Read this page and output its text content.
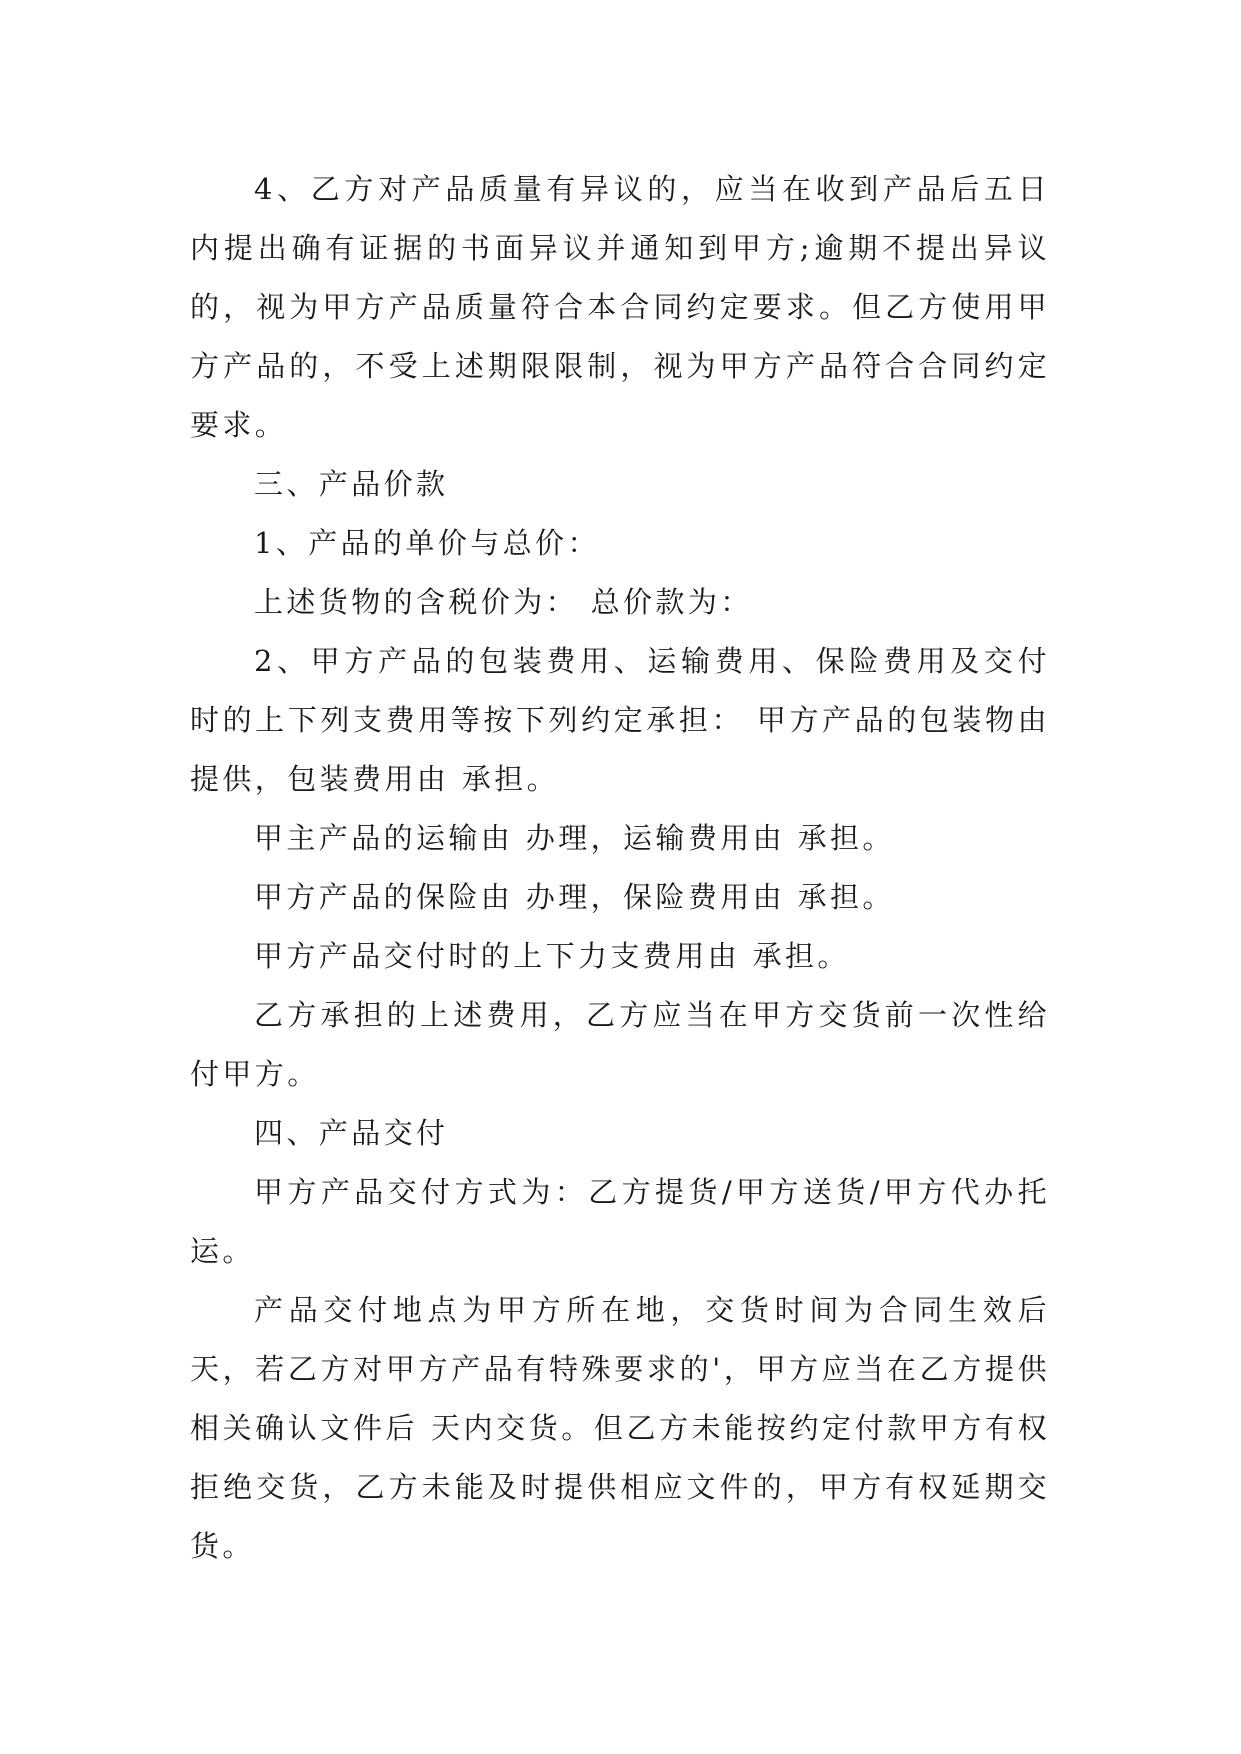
4、乙方对产品质量有异议的，应当在收到产品后五日内提出确有证据的书面异议并通知到甲方;逾期不提出异议的，视为甲方产品质量符合本合同约定要求。但乙方使用甲方产品的，不受上述期限限制，视为甲方产品符合合同约定要求。

三、产品价款

1、产品的单价与总价：

上述货物的含税价为： 总价款为：

2、甲方产品的包装费用、运输费用、保险费用及交付时的上下列支费用等按下列约定承担： 甲方产品的包装物由 提供，包装费用由 承担。

甲主产品的运输由 办理，运输费用由 承担。

甲方产品的保险由 办理，保险费用由 承担。

甲方产品交付时的上下力支费用由 承担。

乙方承担的上述费用，乙方应当在甲方交货前一次性给付甲方。

四、产品交付

甲方产品交付方式为：乙方提货/甲方送货/甲方代办托运。

产品交付地点为甲方所在地，交货时间为合同生效后 天，若乙方对甲方产品有特殊要求的'，甲方应当在乙方提供相关确认文件后 天内交货。但乙方未能按约定付款甲方有权拒绝交货，乙方未能及时提供相应文件的，甲方有权延期交货。
